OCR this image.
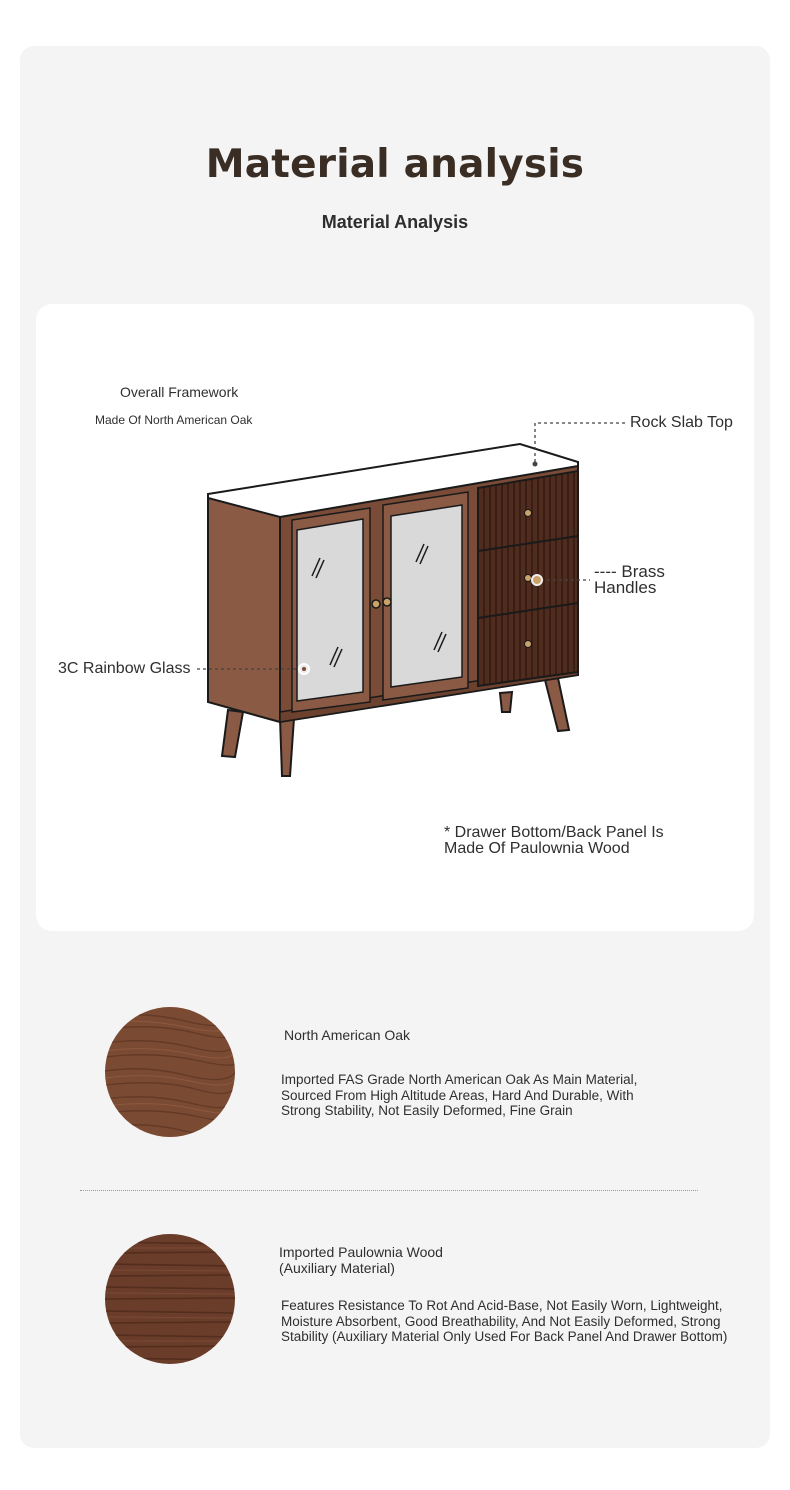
Material analysis
Material Analysis
Overall Framework
Made Of North American Oak	Rock Slab Top
---- Brass
Handles
3C Rainbow Glass
* Drawer Bottom/Back Panel Is
Made Of Paulownia Wood
North American Oak
Imported FAS Grade North American Oak As Main Material,
Sourced From High Altitude Areas, Hard And Durable, With
Strong Stability, Not Easily Deformed, Fine Grain
Imported Paulownia Wood
(Auxiliary Material)
Features Resistance To Rot And Acid-Base, Not Easily Worn, Lightweight,
Moisture Absorbent, Good Breathability, And Not Easily Deformed, Strong
Stability (Auxiliary Material Only Used For Back Panel And Drawer Bottom)
